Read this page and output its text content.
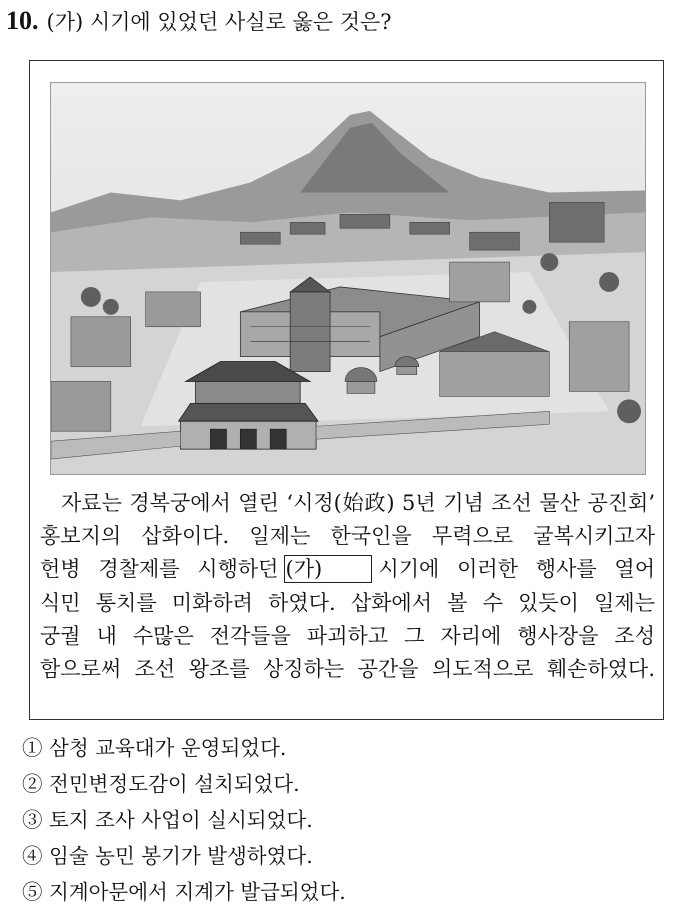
10. (가) 시기에 있었던 사실로 옳은 것은?
자료는 경복궁에서 열린 ‘시정(始政) 5년 기념 조선 물산 공진회’
홍보지의 삽화이다. 일제는 한국인을 무력으로 굴복시키고자
헌병 경찰제를 시행하던 (가)	시기에 이러한 행사를 열어
식민 통치를 미화하려 하였다. 삽화에서 볼 수 있듯이 일제는
궁궐 내 수많은 전각들을 파괴하고 그 자리에 행사장을 조성
함으로써 조선 왕조를 상징하는 공간을 의도적으로 훼손하였다.
① 삼청 교육대가 운영되었다.
② 전민변정도감이 설치되었다.
③ 토지 조사 사업이 실시되었다.
④ 임술 농민 봉기가 발생하였다.
⑤ 지계아문에서 지계가 발급되었다.
